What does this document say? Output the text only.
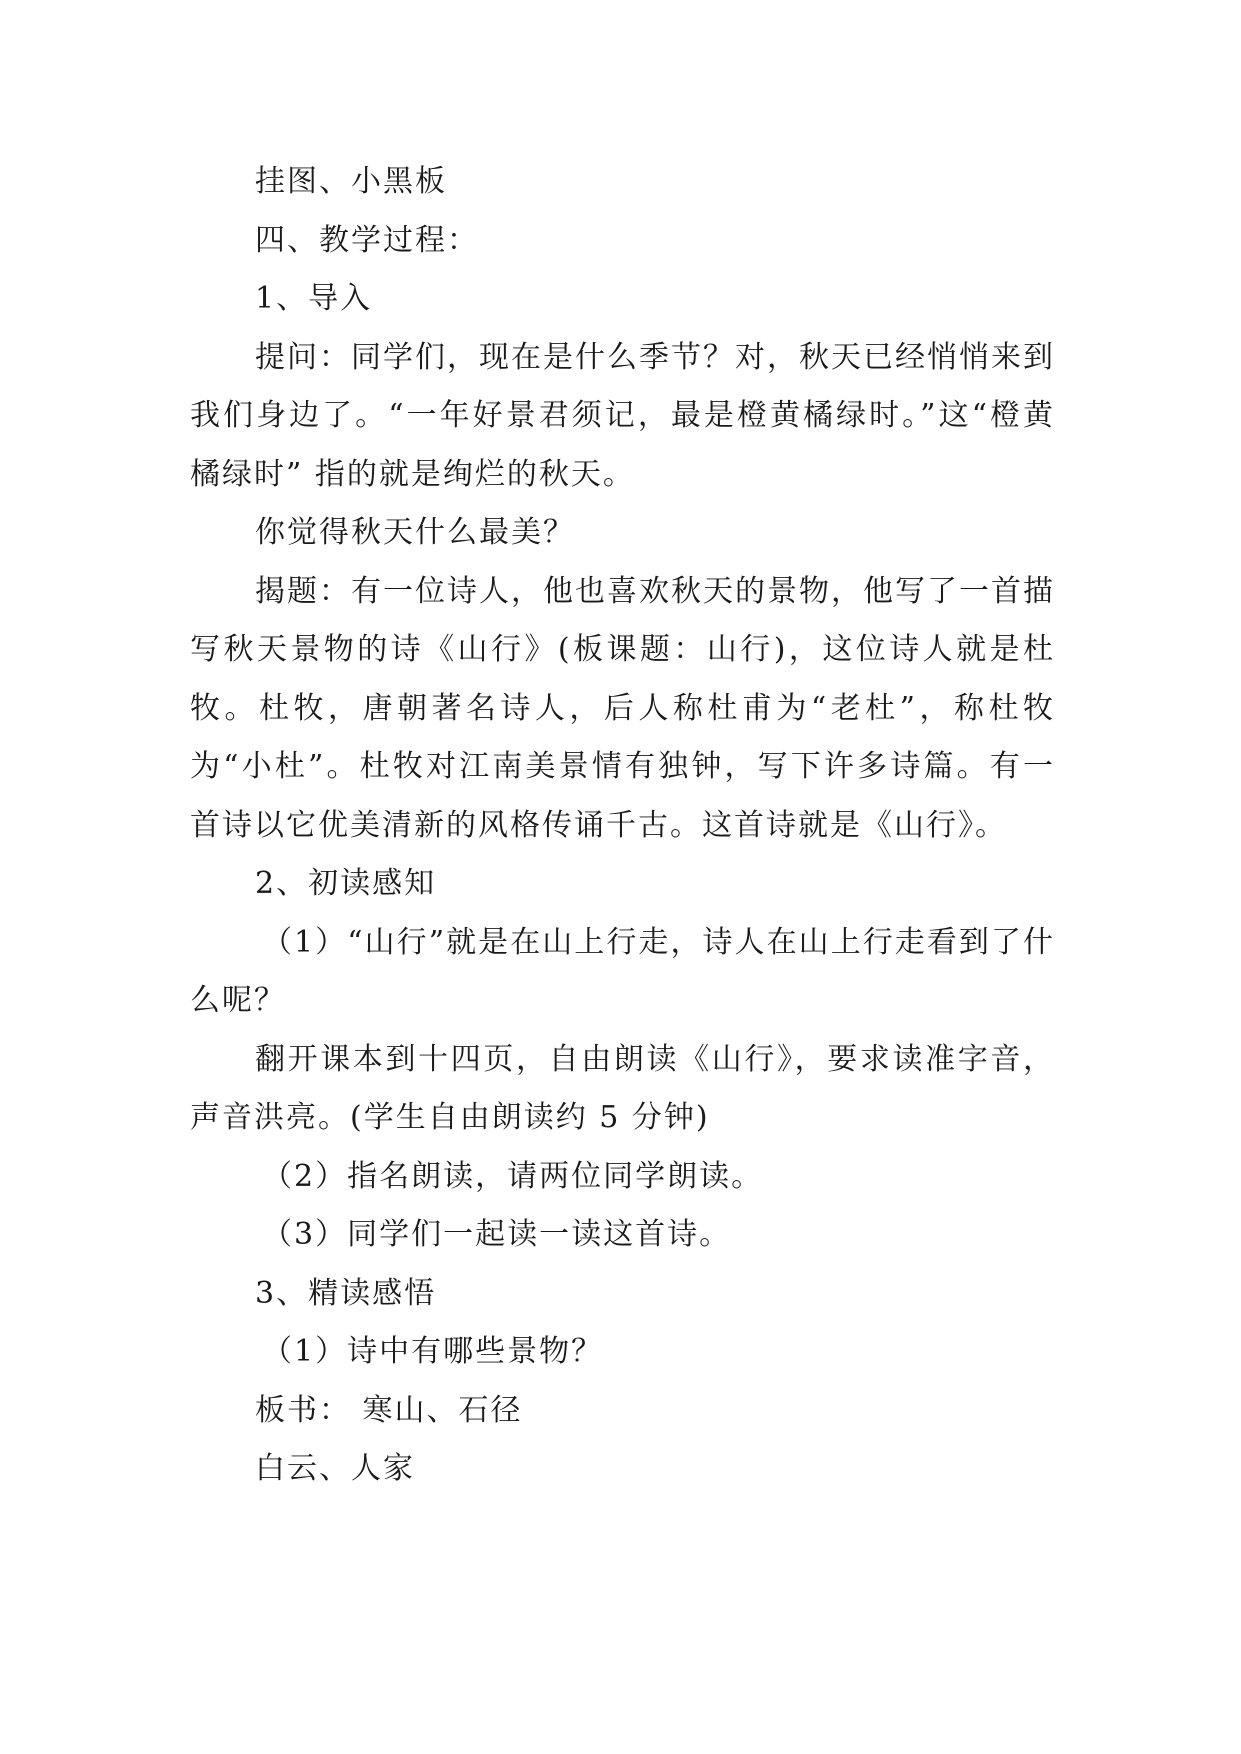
挂图、小黑板

四、教学过程：

1、导入

提问：同学们，现在是什么季节？对，秋天已经悄悄来到我们身边了。“一年好景君须记，最是橙黄橘绿时。”这“橙黄橘绿时” 指的就是绚烂的秋天。

你觉得秋天什么最美？

揭题：有一位诗人，他也喜欢秋天的景物，他写了一首描写秋天景物的诗《山行》(板课题：山行)，这位诗人就是杜牧。杜牧，唐朝著名诗人，后人称杜甫为“老杜”，称杜牧为“小杜”。杜牧对江南美景情有独钟，写下许多诗篇。有一首诗以它优美清新的风格传诵千古。这首诗就是《山行》。

2、初读感知

（1）“山行”就是在山上行走，诗人在山上行走看到了什么呢？

翻开课本到十四页，自由朗读《山行》，要求读准字音，声音洪亮。(学生自由朗读约 5 分钟)

（2）指名朗读，请两位同学朗读。

（3）同学们一起读一读这首诗。

3、精读感悟

（1）诗中有哪些景物？

板书： 寒山、石径

白云、人家
